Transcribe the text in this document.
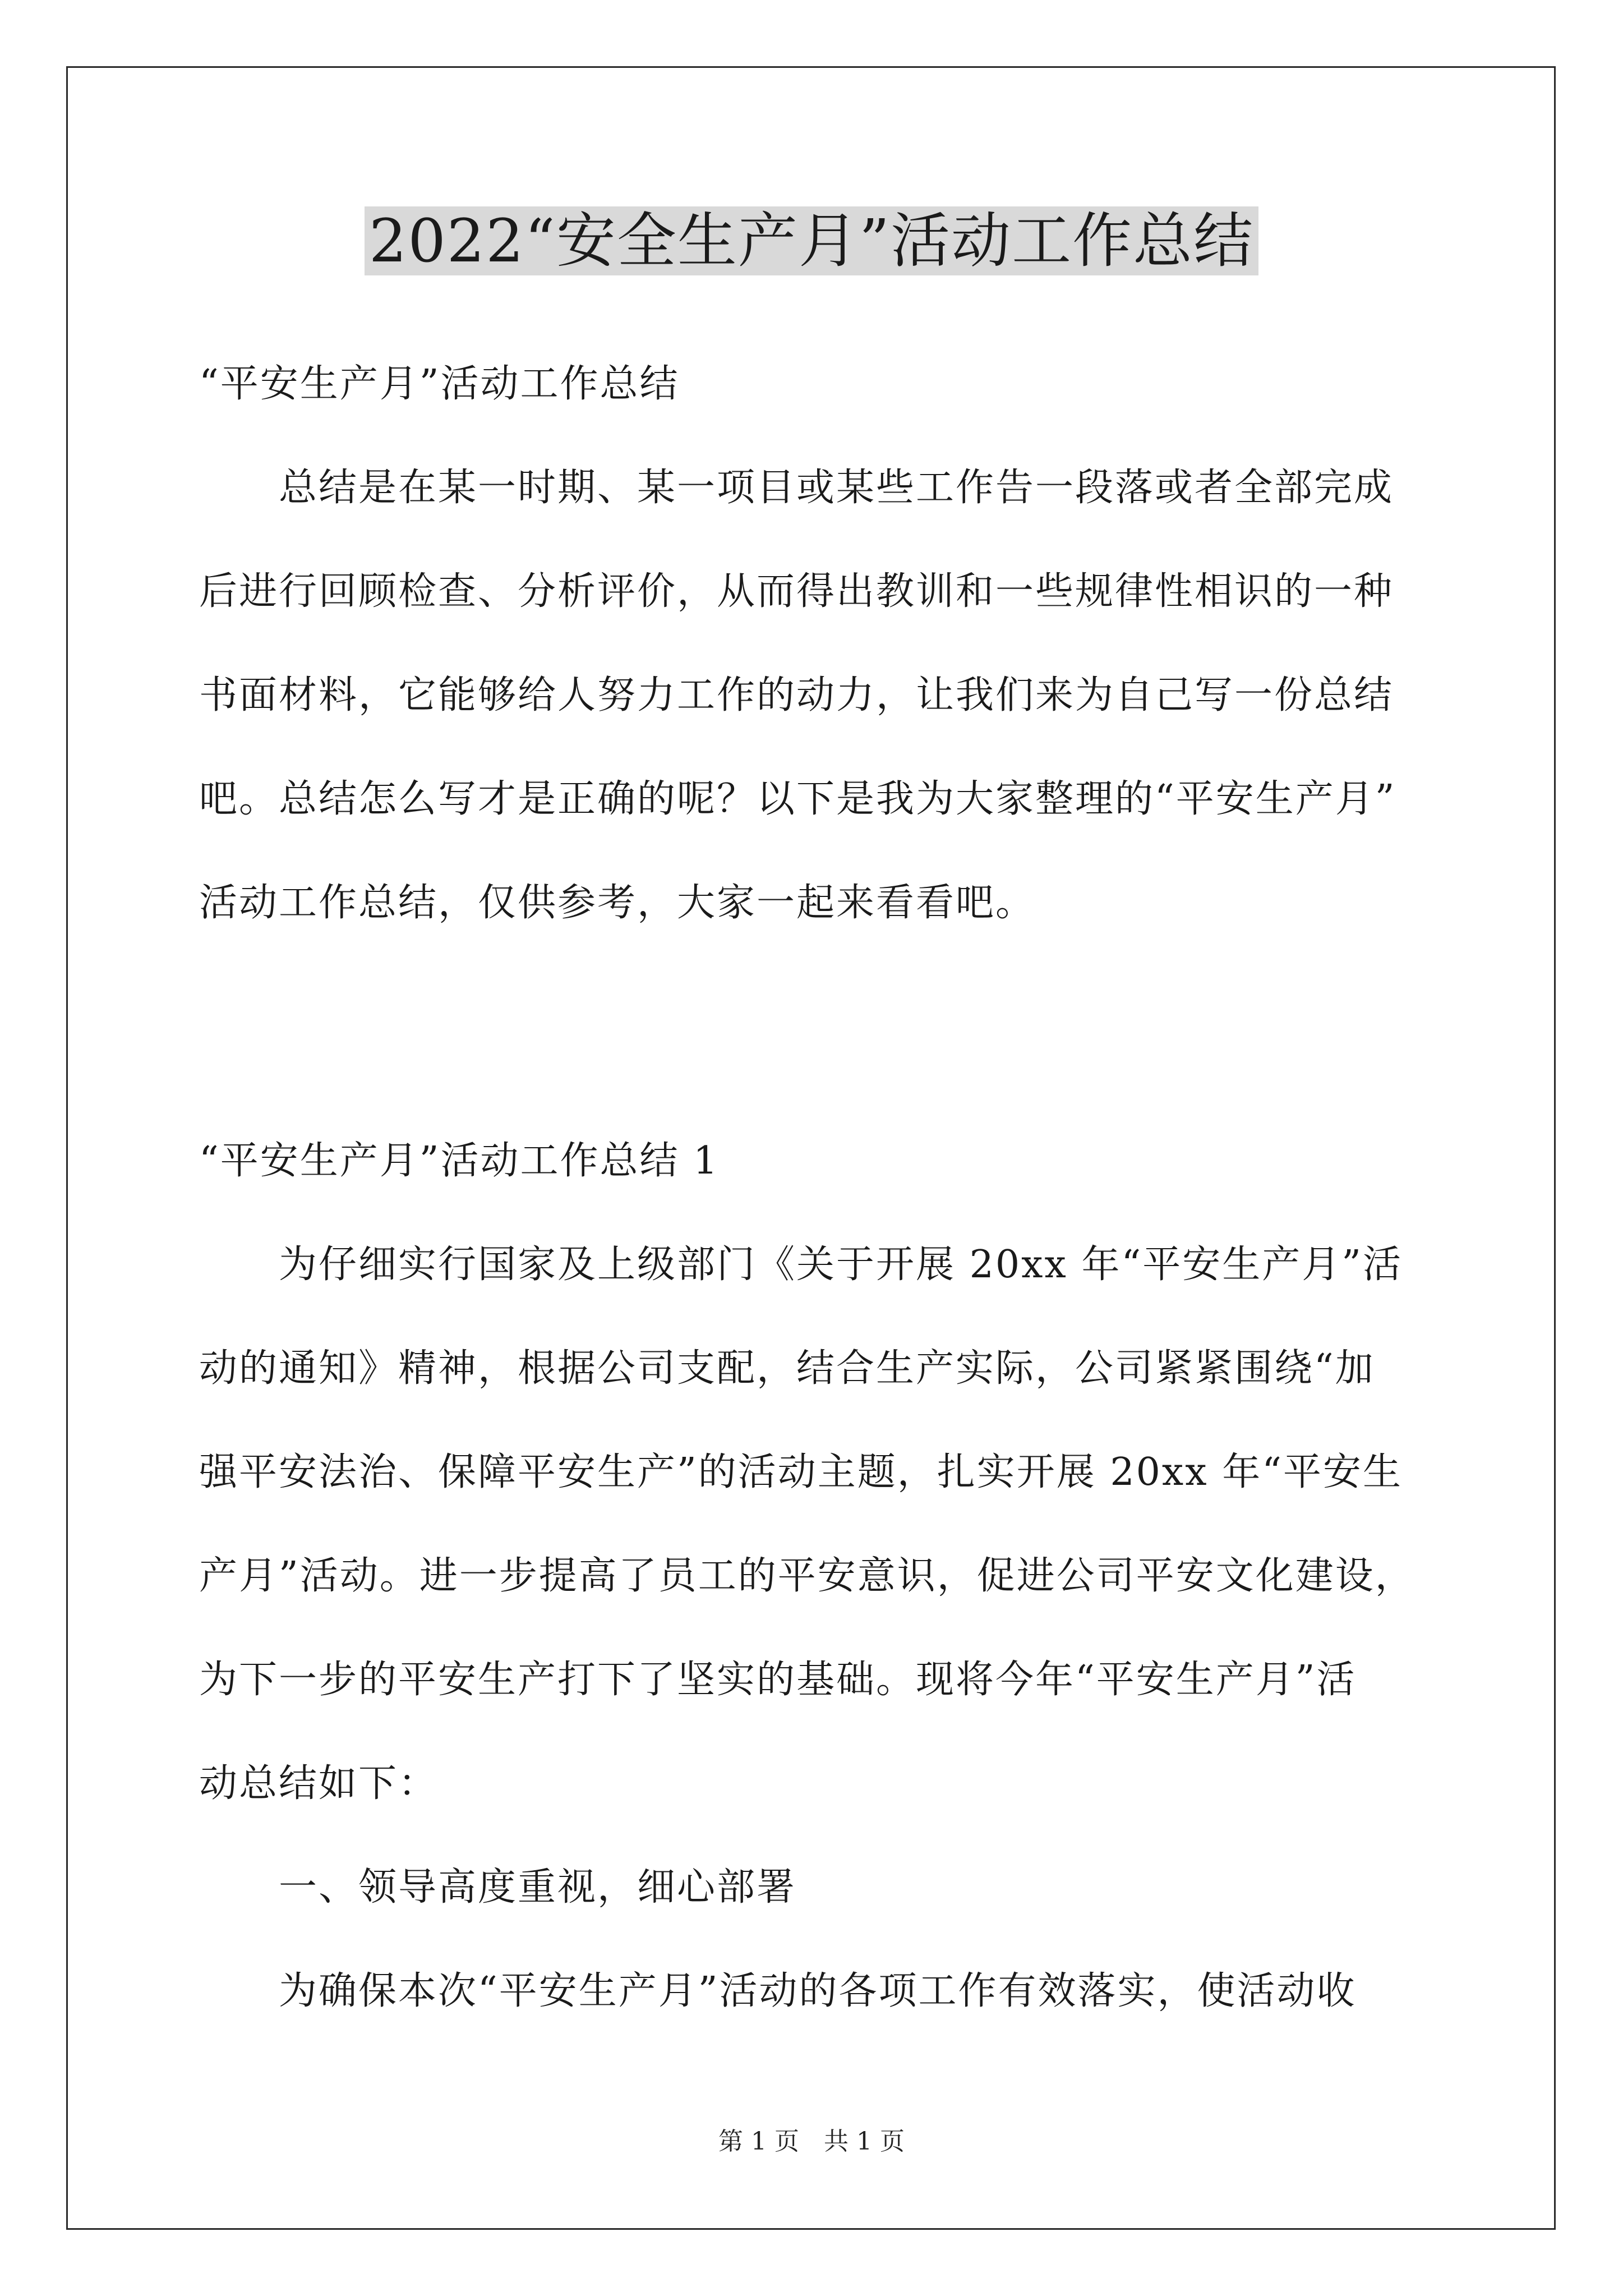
2022“安全生产月”活动工作总结
“平安生产月”活动工作总结
　　总结是在某一时期、某一项目或某些工作告一段落或者全部完成
后进行回顾检查、分析评价，从而得出教训和一些规律性相识的一种
书面材料，它能够给人努力工作的动力，让我们来为自己写一份总结
吧。总结怎么写才是正确的呢？以下是我为大家整理的“平安生产月”
活动工作总结，仅供参考，大家一起来看看吧。
“平安生产月”活动工作总结 1
　　为仔细实行国家及上级部门《关于开展 20xx 年“平安生产月”活
动的通知》精神，根据公司支配，结合生产实际，公司紧紧围绕“加
强平安法治、保障平安生产”的活动主题，扎实开展 20xx 年“平安生
产月”活动。进一步提高了员工的平安意识，促进公司平安文化建设，
为下一步的平安生产打下了坚实的基础。现将今年“平安生产月”活
动总结如下：
　　一、领导高度重视，细心部署
　　为确保本次“平安生产月”活动的各项工作有效落实，使活动收
第 1 页　共 1 页
